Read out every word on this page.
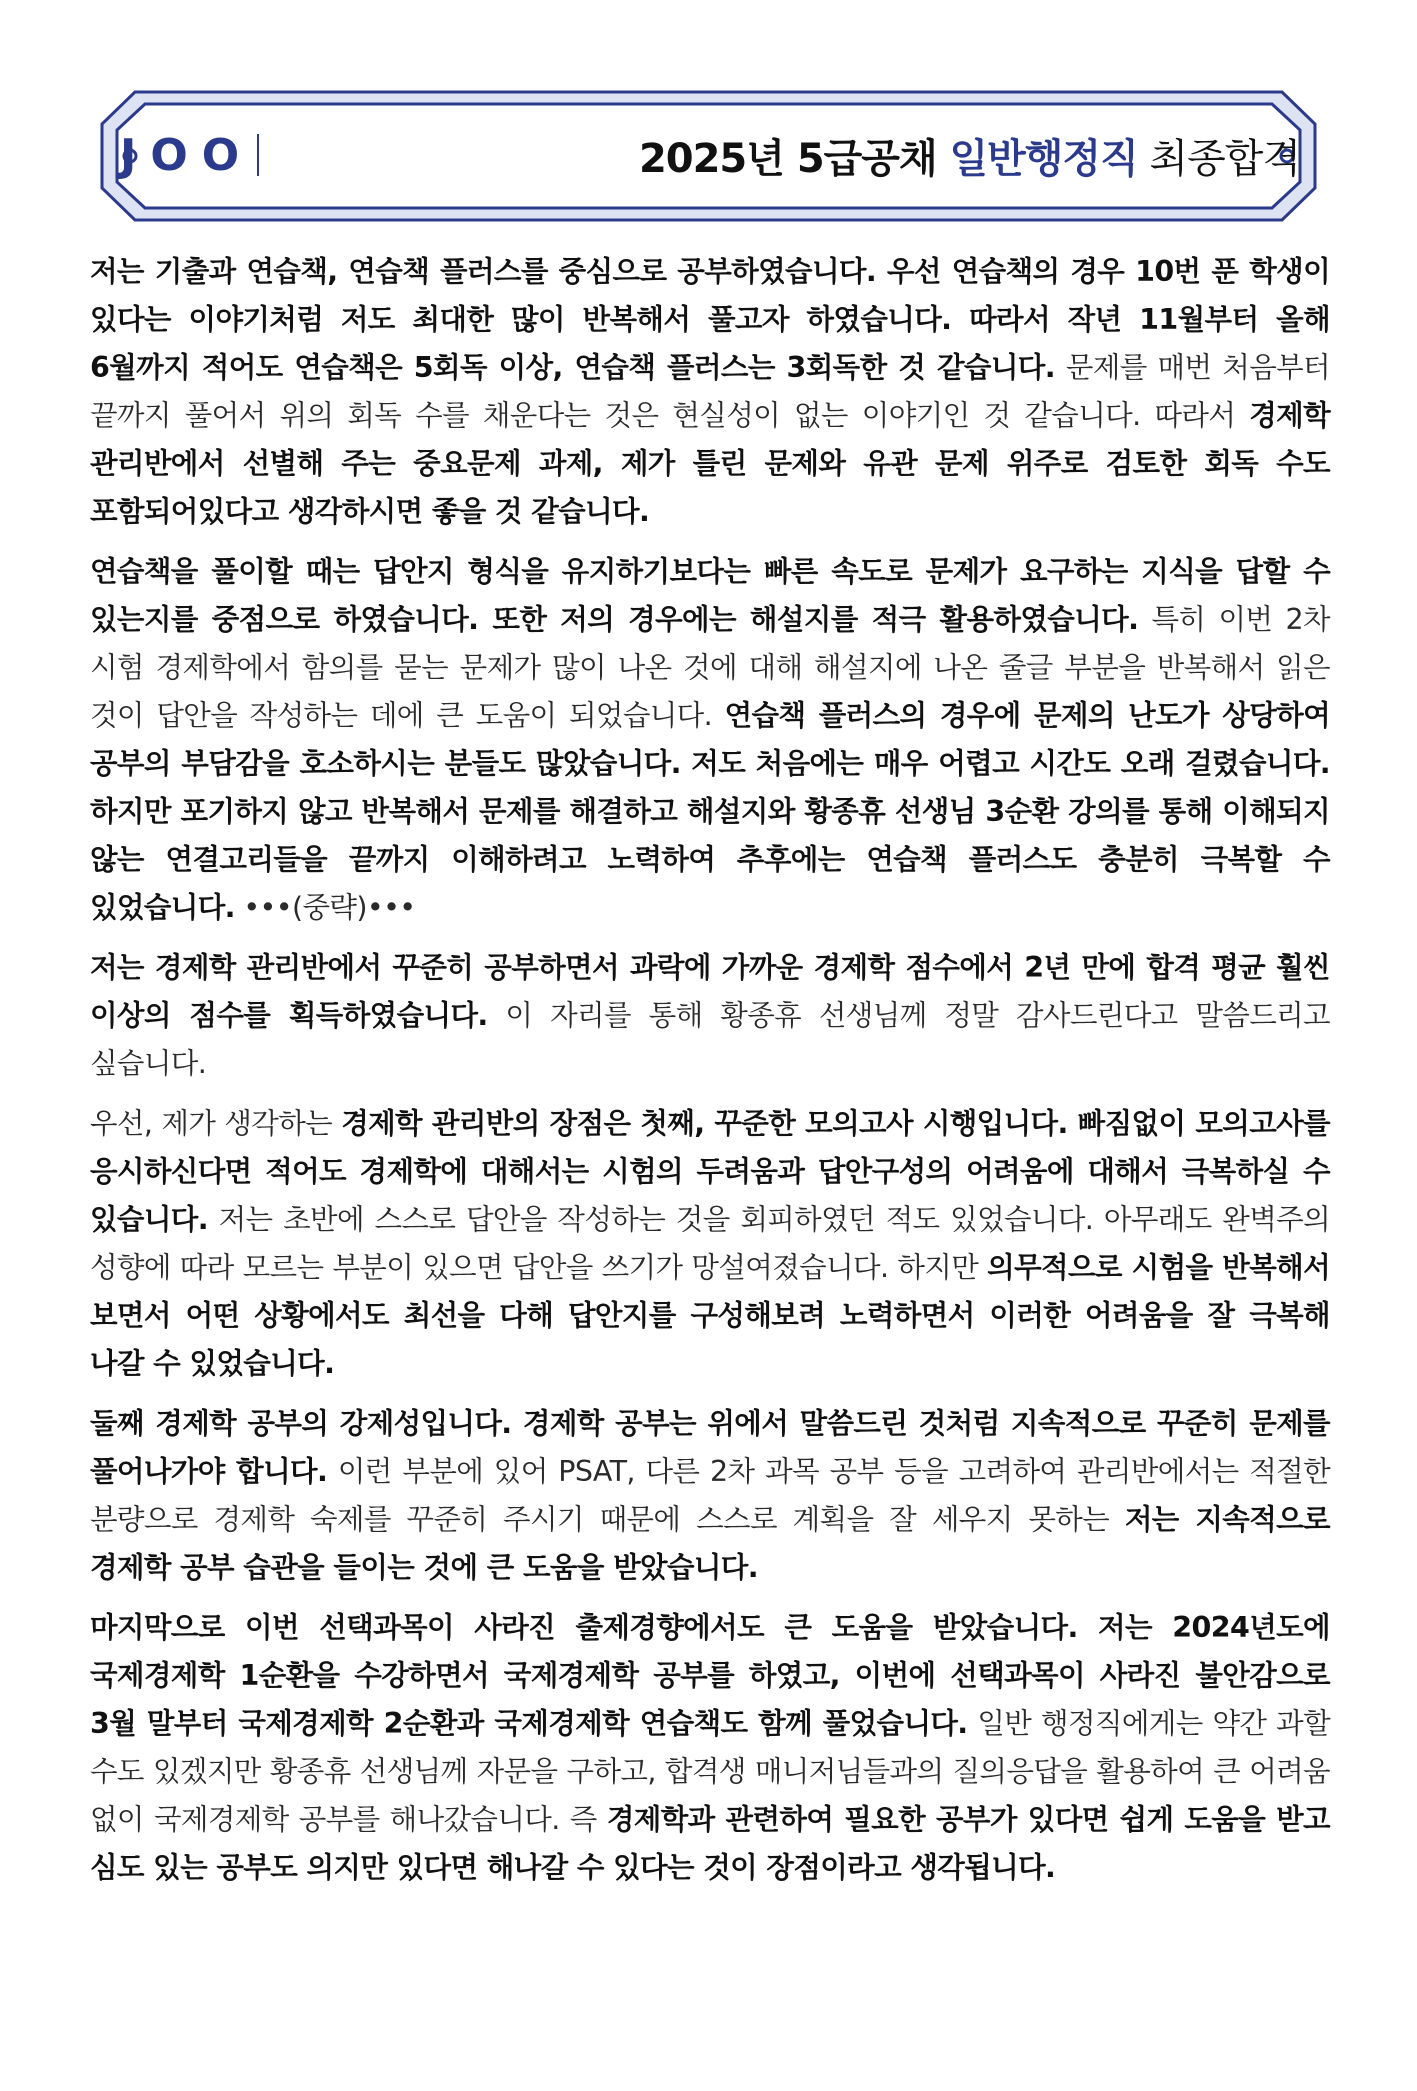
JOO	2025년 5급공채 일반행정직 최종합격

저는 기출과 연습책, 연습책 플러스를 중심으로 공부하였습니다. 우선 연습책의 경우 10번 푼 학생이 있다는 이야기처럼 저도 최대한 많이 반복해서 풀고자 하였습니다. 따라서 작년 11월부터 올해 6월까지 적어도 연습책은 5회독 이상, 연습책 플러스는 3회독한 것 같습니다. 문제를 매번 처음부터 끝까지 풀어서 위의 회독 수를 채운다는 것은 현실성이 없는 이야기인 것 같습니다. 따라서 경제학 관리반에서 선별해 주는 중요문제 과제, 제가 틀린 문제와 유관 문제 위주로 검토한 회독 수도 포함되어있다고 생각하시면 좋을 것 같습니다.

연습책을 풀이할 때는 답안지 형식을 유지하기보다는 빠른 속도로 문제가 요구하는 지식을 답할 수 있는지를 중점으로 하였습니다. 또한 저의 경우에는 해설지를 적극 활용하였습니다. 특히 이번 2차 시험 경제학에서 함의를 묻는 문제가 많이 나온 것에 대해 해설지에 나온 줄글 부분을 반복해서 읽은 것이 답안을 작성하는 데에 큰 도움이 되었습니다. 연습책 플러스의 경우에 문제의 난도가 상당하여 공부의 부담감을 호소하시는 분들도 많았습니다. 저도 처음에는 매우 어렵고 시간도 오래 걸렸습니다. 하지만 포기하지 않고 반복해서 문제를 해결하고 해설지와 황종휴 선생님 3순환 강의를 통해 이해되지 않는 연결고리들을 끝까지 이해하려고 노력하여 추후에는 연습책 플러스도 충분히 극복할 수 있었습니다. •••(중략)•••

저는 경제학 관리반에서 꾸준히 공부하면서 과락에 가까운 경제학 점수에서 2년 만에 합격 평균 훨씬 이상의 점수를 획득하였습니다. 이 자리를 통해 황종휴 선생님께 정말 감사드린다고 말씀드리고 싶습니다.

우선, 제가 생각하는 경제학 관리반의 장점은 첫째, 꾸준한 모의고사 시행입니다. 빠짐없이 모의고사를 응시하신다면 적어도 경제학에 대해서는 시험의 두려움과 답안구성의 어려움에 대해서 극복하실 수 있습니다. 저는 초반에 스스로 답안을 작성하는 것을 회피하였던 적도 있었습니다. 아무래도 완벽주의 성향에 따라 모르는 부분이 있으면 답안을 쓰기가 망설여졌습니다. 하지만 의무적으로 시험을 반복해서 보면서 어떤 상황에서도 최선을 다해 답안지를 구성해보려 노력하면서 이러한 어려움을 잘 극복해 나갈 수 있었습니다.

둘째 경제학 공부의 강제성입니다. 경제학 공부는 위에서 말씀드린 것처럼 지속적으로 꾸준히 문제를 풀어나가야 합니다. 이런 부분에 있어 PSAT, 다른 2차 과목 공부 등을 고려하여 관리반에서는 적절한 분량으로 경제학 숙제를 꾸준히 주시기 때문에 스스로 계획을 잘 세우지 못하는 저는 지속적으로 경제학 공부 습관을 들이는 것에 큰 도움을 받았습니다.

마지막으로 이번 선택과목이 사라진 출제경향에서도 큰 도움을 받았습니다. 저는 2024년도에 국제경제학 1순환을 수강하면서 국제경제학 공부를 하였고, 이번에 선택과목이 사라진 불안감으로 3월 말부터 국제경제학 2순환과 국제경제학 연습책도 함께 풀었습니다. 일반 행정직에게는 약간 과할 수도 있겠지만 황종휴 선생님께 자문을 구하고, 합격생 매니저님들과의 질의응답을 활용하여 큰 어려움 없이 국제경제학 공부를 해나갔습니다. 즉 경제학과 관련하여 필요한 공부가 있다면 쉽게 도움을 받고 심도 있는 공부도 의지만 있다면 해나갈 수 있다는 것이 장점이라고 생각됩니다.
